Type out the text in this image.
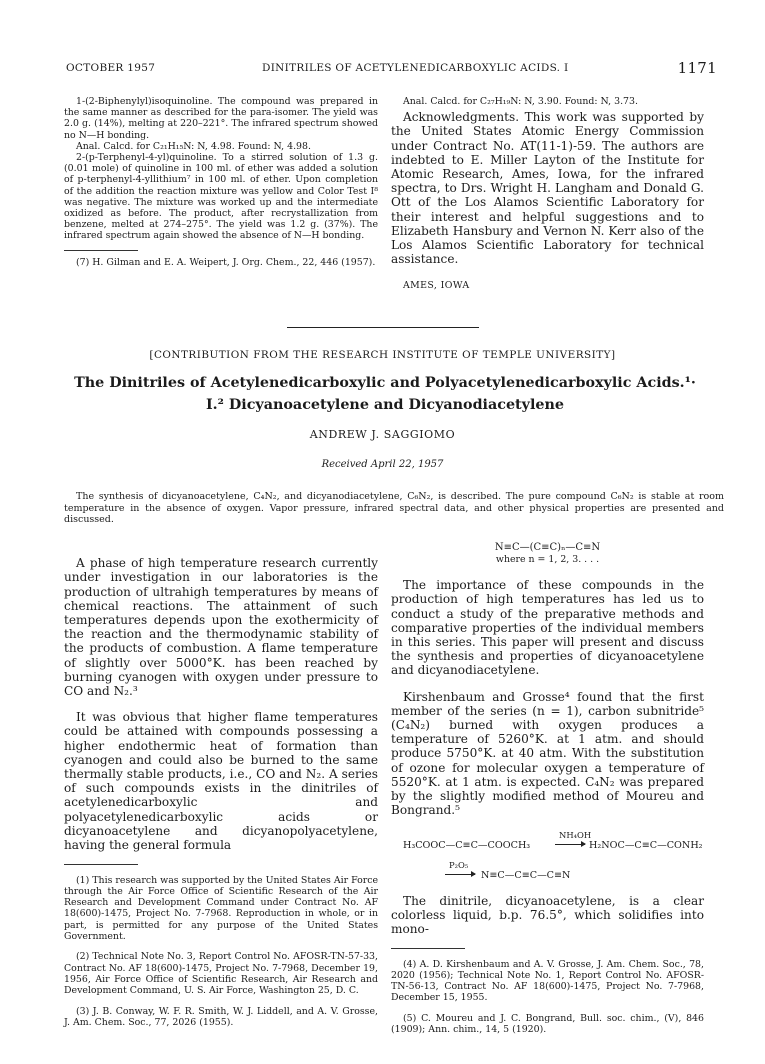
OCTOBER 1957	DINITRILES OF ACETYLENEDICARBOXYLIC ACIDS. I	1171

1-(2-Biphenylyl)isoquinoline. The compound was prepared in the same manner as described for the para-isomer. The yield was 2.0 g. (14%), melting at 220–221°. The infrared spectrum showed no N—H bonding.

Anal. Calcd. for C₂₁H₁₅N: N, 4.98. Found: N, 4.98.

2-(p-Terphenyl-4-yl)quinoline. To a stirred solution of 1.3 g. (0.01 mole) of quinoline in 100 ml. of ether was added a solution of p-terphenyl-4-yllithium⁷ in 100 ml. of ether. Upon completion of the addition the reaction mixture was yellow and Color Test I⁸ was negative. The mixture was worked up and the intermediate oxidized as before. The product, after recrystallization from benzene, melted at 274–275°. The yield was 1.2 g. (37%). The infrared spectrum again showed the absence of N—H bonding.

(7) H. Gilman and E. A. Weipert, J. Org. Chem., 22, 446 (1957).

Anal. Calcd. for C₂₇H₁₉N: N, 3.90. Found: N, 3.73.

Acknowledgments. This work was supported by the United States Atomic Energy Commission under Contract No. AT(11-1)-59. The authors are indebted to E. Miller Layton of the Institute for Atomic Research, Ames, Iowa, for the infrared spectra, to Drs. Wright H. Langham and Donald G. Ott of the Los Alamos Scientific Laboratory for their interest and helpful suggestions and to Elizabeth Hansbury and Vernon N. Kerr also of the Los Alamos Scientific Laboratory for technical assistance.

AMES, IOWA

[CONTRIBUTION FROM THE RESEARCH INSTITUTE OF TEMPLE UNIVERSITY]
The Dinitriles of Acetylenedicarboxylic and Polyacetylenedicarboxylic Acids.¹·
I.² Dicyanoacetylene and Dicyanodiacetylene
ANDREW J. SAGGIOMO
Received April 22, 1957
The synthesis of dicyanoacetylene, C₄N₂, and dicyanodiacetylene, C₆N₂, is described. The pure compound C₆N₂ is stable at room temperature in the absence of oxygen. Vapor pressure, infrared spectral data, and other physical properties are presented and discussed.

A phase of high temperature research currently under investigation in our laboratories is the production of ultrahigh temperatures by means of chemical reactions. The attainment of such temperatures depends upon the exothermicity of the reaction and the thermodynamic stability of the products of combustion. A flame temperature of slightly over 5000°K. has been reached by burning cyanogen with oxygen under pressure to CO and N₂.³

It was obvious that higher flame temperatures could be attained with compounds possessing a higher endothermic heat of formation than cyanogen and could also be burned to the same thermally stable products, i.e., CO and N₂. A series of such compounds exists in the dinitriles of acetylenedicarboxylic and polyacetylenedicarboxylic acids or dicyanoacetylene and dicyanopolyacetylene, having the general formula

(1) This research was supported by the United States Air Force through the Air Force Office of Scientific Research of the Air Research and Development Command under Contract No. AF 18(600)-1475, Project No. 7-7968. Reproduction in whole, or in part, is permitted for any purpose of the United States Government.

(2) Technical Note No. 3, Report Control No. AFOSR-TN-57-33, Contract No. AF 18(600)-1475, Project No. 7-7968, December 19, 1956, Air Force Office of Scientific Research, Air Research and Development Command, U. S. Air Force, Washington 25, D. C.

(3) J. B. Conway, W. F. R. Smith, W. J. Liddell, and A. V. Grosse, J. Am. Chem. Soc., 77, 2026 (1955).

N≡C—(C≡C)ₙ—C≡N
where n = 1, 2, 3. . . .

The importance of these compounds in the production of high temperatures has led us to conduct a study of the preparative methods and comparative properties of the individual members in this series. This paper will present and discuss the synthesis and properties of dicyanoacetylene and dicyanodiacetylene.

Kirshenbaum and Grosse⁴ found that the first member of the series (n = 1), carbon subnitride⁵ (C₄N₂) burned with oxygen produces a temperature of 5260°K. at 1 atm. and should produce 5750°K. at 40 atm. With the substitution of ozone for molecular oxygen a temperature of 5520°K. at 1 atm. is expected. C₄N₂ was prepared by the slightly modified method of Moureu and Bongrand.⁵

H₃COOC—C≡C—COOCH₃
NH₄OH
→ H₂NOC—C≡C—CONH₂
P₂O₅
→ N≡C—C≡C—C≡N

The dinitrile, dicyanoacetylene, is a clear colorless liquid, b.p. 76.5°, which solidifies into mono-

(4) A. D. Kirshenbaum and A. V. Grosse, J. Am. Chem. Soc., 78, 2020 (1956); Technical Note No. 1, Report Control No. AFOSR-TN-56-13, Contract No. AF 18(600)-1475, Project No. 7-7968, December 15, 1955.

(5) C. Moureu and J. C. Bongrand, Bull. soc. chim., (V), 846 (1909); Ann. chim., 14, 5 (1920).
